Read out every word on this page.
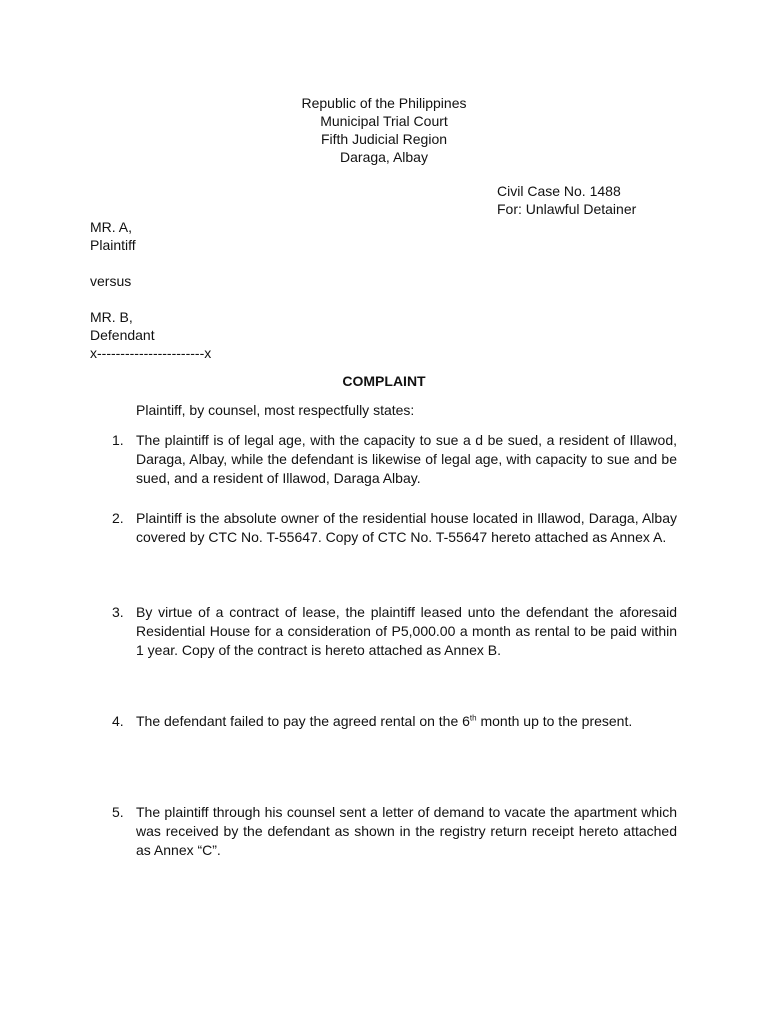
Republic of the Philippines
Municipal Trial Court
Fifth Judicial Region
Daraga, Albay
Civil Case No. 1488
For: Unlawful Detainer
MR. A,
Plaintiff
versus
MR. B,
Defendant
x-----------------------x
COMPLAINT
Plaintiff, by counsel, most respectfully states:
1. The plaintiff is of legal age, with the capacity to sue a d be sued, a resident of Illawod, Daraga, Albay, while the defendant is likewise of legal age, with capacity to sue and be sued, and a resident of Illawod, Daraga Albay.
2. Plaintiff is the absolute owner of the residential house located in Illawod, Daraga, Albay covered by CTC No. T-55647. Copy of CTC No. T-55647 hereto attached as Annex A.
3. By virtue of a contract of lease, the plaintiff leased unto the defendant the aforesaid Residential House for a consideration of P5,000.00 a month as rental to be paid within 1 year. Copy of the contract is hereto attached as Annex B.
4. The defendant failed to pay the agreed rental on the 6th month up to the present.
5. The plaintiff through his counsel sent a letter of demand to vacate the apartment which was received by the defendant as shown in the registry return receipt hereto attached as Annex “C”.
